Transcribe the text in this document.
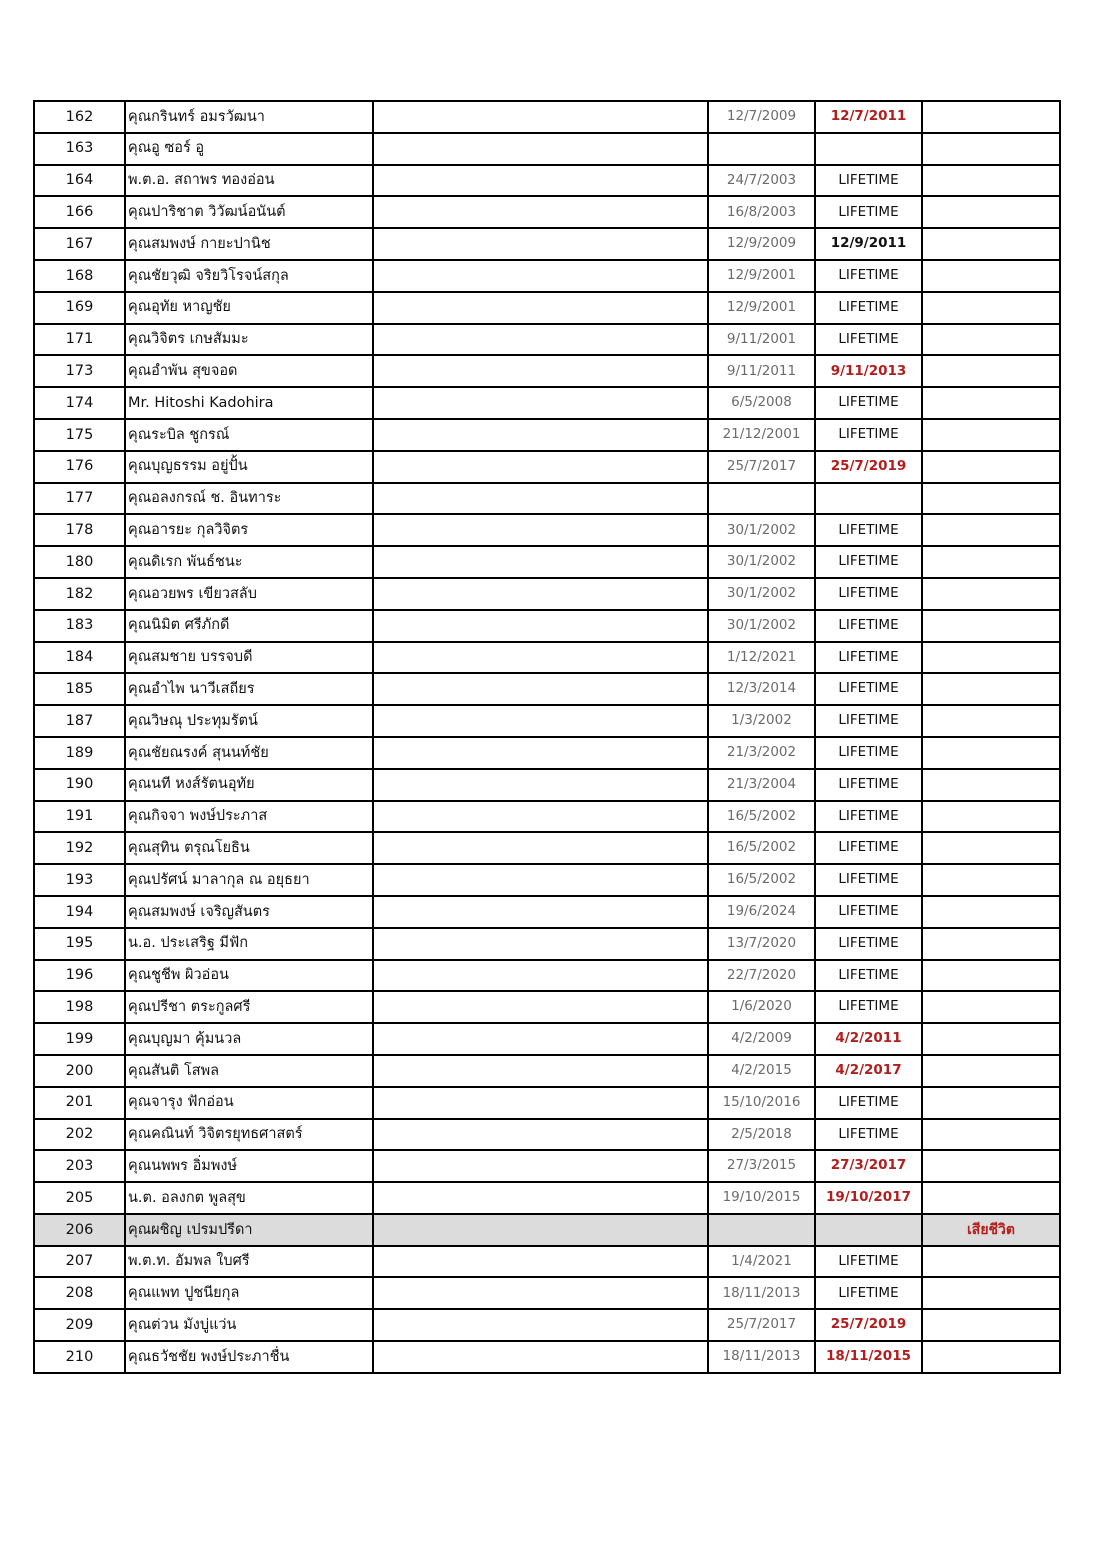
162	คุณกรินทร์ อมรวัฒนา		12/7/2009	12/7/2011	
163	คุณอู ซอร์ อู				
164	พ.ต.อ. สถาพร ทองอ่อน		24/7/2003	LIFETIME	
166	คุณปาริชาต วิวัฒน์อนันต์		16/8/2003	LIFETIME	
167	คุณสมพงษ์ กายะปานิช		12/9/2009	12/9/2011	
168	คุณชัยวุฒิ จริยวิโรจน์สกุล		12/9/2001	LIFETIME	
169	คุณอุทัย หาญชัย		12/9/2001	LIFETIME	
171	คุณวิจิตร เกษสัมมะ		9/11/2001	LIFETIME	
173	คุณอำพัน สุขจอด		9/11/2011	9/11/2013	
174	Mr. Hitoshi Kadohira		6/5/2008	LIFETIME	
175	คุณระบิล ชูกรณ์		21/12/2001	LIFETIME	
176	คุณบุญธรรม อยู่ปั้น		25/7/2017	25/7/2019	
177	คุณอลงกรณ์ ช. อินทาระ				
178	คุณอารยะ กุลวิจิตร		30/1/2002	LIFETIME	
180	คุณดิเรก พันธ์ชนะ		30/1/2002	LIFETIME	
182	คุณอวยพร เขียวสลับ		30/1/2002	LIFETIME	
183	คุณนิมิต ศรีภักดี		30/1/2002	LIFETIME	
184	คุณสมชาย บรรจบดี		1/12/2021	LIFETIME	
185	คุณอำไพ นาวีเสถียร		12/3/2014	LIFETIME	
187	คุณวิษณุ ประทุมรัตน์		1/3/2002	LIFETIME	
189	คุณชัยณรงค์ สุนนท์ชัย		21/3/2002	LIFETIME	
190	คุณนที หงส์รัตนอุทัย		21/3/2004	LIFETIME	
191	คุณกิจจา พงษ์ประภาส		16/5/2002	LIFETIME	
192	คุณสุทิน ตรุณโยธิน		16/5/2002	LIFETIME	
193	คุณปรัศน์ มาลากุล ณ อยุธยา		16/5/2002	LIFETIME	
194	คุณสมพงษ์ เจริญสันตร		19/6/2024	LIFETIME	
195	น.อ. ประเสริฐ มีฟัก		13/7/2020	LIFETIME	
196	คุณชูชีพ ผิวอ่อน		22/7/2020	LIFETIME	
198	คุณปรีชา ตระกูลศรี		1/6/2020	LIFETIME	
199	คุณบุญมา คุ้มนวล		4/2/2009	4/2/2011	
200	คุณสันติ โสพล		4/2/2015	4/2/2017	
201	คุณจารุง ฟักอ่อน		15/10/2016	LIFETIME	
202	คุณคณินท์ วิจิตรยุทธศาสตร์		2/5/2018	LIFETIME	
203	คุณนพพร อิ่มพงษ์		27/3/2015	27/3/2017	
205	น.ต. อลงกต พูลสุข		19/10/2015	19/10/2017	
206	คุณผชิญ เปรมปรีดา				เสียชีวิต
207	พ.ต.ท. อัมพล ใบศรี		1/4/2021	LIFETIME	
208	คุณแพท ปูชนียกุล		18/11/2013	LIFETIME	
209	คุณต่วน มังบู่แว่น		25/7/2017	25/7/2019	
210	คุณธวัชชัย พงษ์ประภาชื่น		18/11/2013	18/11/2015	
